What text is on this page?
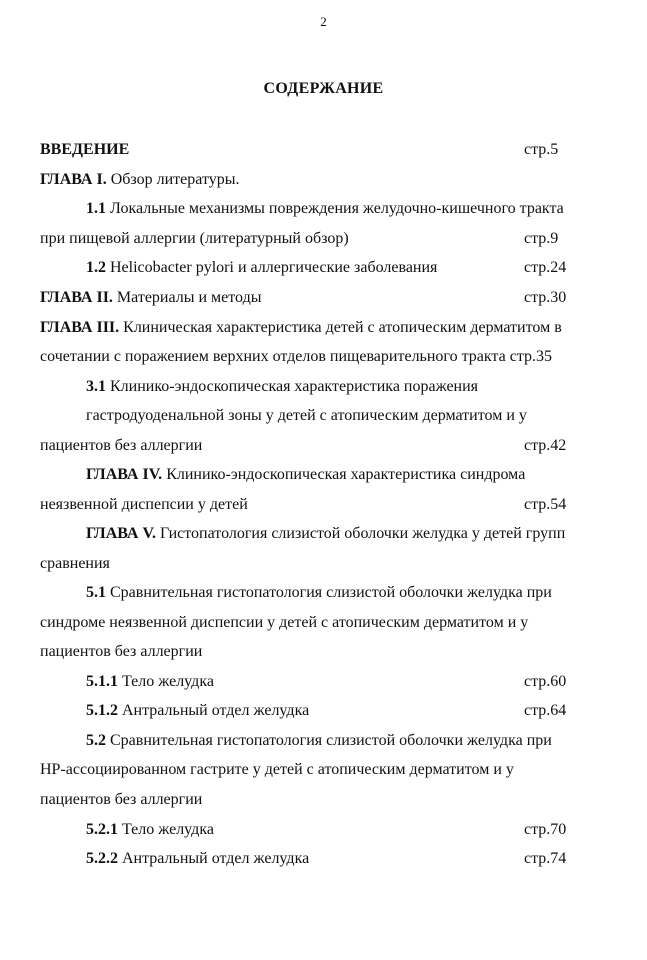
2
СОДЕРЖАНИЕ
ВВЕДЕНИЕ	стр.5
ГЛАВА I. Обзор литературы.
1.1 Локальные механизмы повреждения желудочно-кишечного тракта
при пищевой аллергии (литературный обзор)	стр.9
1.2 Helicobacter pylori и аллергические заболевания	стр.24
ГЛАВА II. Материалы и методы	стр.30
ГЛАВА III. Клиническая характеристика детей с атопическим дерматитом в
сочетании с поражением верхних отделов пищеварительного тракта стр.35
3.1 Клинико-эндоскопическая характеристика поражения
гастродуоденальной зоны у детей с атопическим дерматитом и у
пациентов без аллергии	стр.42
ГЛАВА IV. Клинико-эндоскопическая характеристика синдрома
неязвенной диспепсии у детей	стр.54
ГЛАВА V. Гистопатология слизистой оболочки желудка у детей групп
сравнения
5.1 Сравнительная гистопатология слизистой оболочки желудка при
синдроме неязвенной диспепсии у детей с атопическим дерматитом и у
пациентов без аллергии
5.1.1 Тело желудка	стр.60
5.1.2 Антральный отдел желудка	стр.64
5.2 Сравнительная гистопатология слизистой оболочки желудка при
НР-ассоциированном гастрите у детей с атопическим дерматитом и у
пациентов без аллергии
5.2.1 Тело желудка	стр.70
5.2.2 Антральный отдел желудка	стр.74
